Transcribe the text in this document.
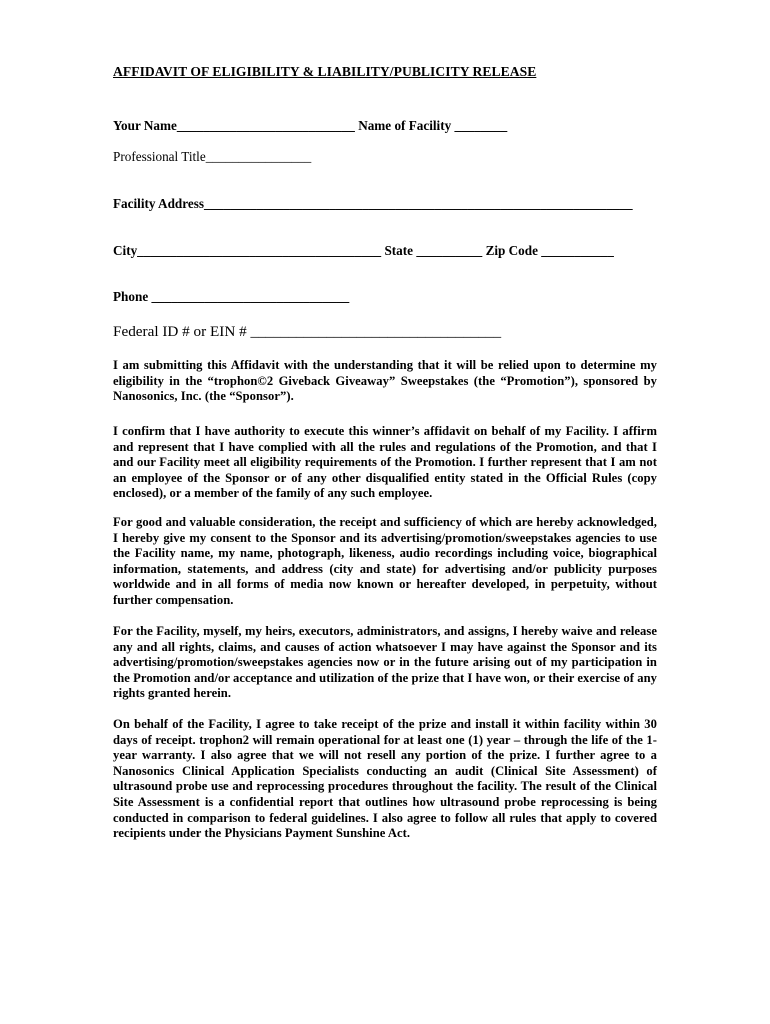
AFFIDAVIT OF ELIGIBILITY & LIABILITY/PUBLICITY RELEASE
Your Name___________________________ Name of Facility ________
Professional Title________________
Facility Address_________________________________________________________________
City_____________________________________ State __________ Zip Code ___________
Phone ______________________________
Federal ID # or EIN # _________________________________
I am submitting this Affidavit with the understanding that it will be relied upon to determine my eligibility in the “trophon©2 Giveback Giveaway” Sweepstakes (the “Promotion”), sponsored by Nanosonics, Inc. (the “Sponsor”).
I confirm that I have authority to execute this winner’s affidavit on behalf of my Facility. I affirm and represent that I have complied with all the rules and regulations of the Promotion, and that I and our Facility meet all eligibility requirements of the Promotion. I further represent that I am not an employee of the Sponsor or of any other disqualified entity stated in the Official Rules (copy enclosed), or a member of the family of any such employee.
For good and valuable consideration, the receipt and sufficiency of which are hereby acknowledged, I hereby give my consent to the Sponsor and its advertising/promotion/sweepstakes agencies to use the Facility name, my name, photograph, likeness, audio recordings including voice, biographical information, statements, and address (city and state) for advertising and/or publicity purposes worldwide and in all forms of media now known or hereafter developed, in perpetuity, without further compensation.
For the Facility, myself, my heirs, executors, administrators, and assigns, I hereby waive and release any and all rights, claims, and causes of action whatsoever I may have against the Sponsor and its advertising/promotion/sweepstakes agencies now or in the future arising out of my participation in the Promotion and/or acceptance and utilization of the prize that I have won, or their exercise of any rights granted herein.
On behalf of the Facility, I agree to take receipt of the prize and install it within facility within 30 days of receipt. trophon2 will remain operational for at least one (1) year – through the life of the 1-year warranty. I also agree that we will not resell any portion of the prize. I further agree to a Nanosonics Clinical Application Specialists conducting an audit (Clinical Site Assessment) of ultrasound probe use and reprocessing procedures throughout the facility. The result of the Clinical Site Assessment is a confidential report that outlines how ultrasound probe reprocessing is being conducted in comparison to federal guidelines. I also agree to follow all rules that apply to covered recipients under the Physicians Payment Sunshine Act.
